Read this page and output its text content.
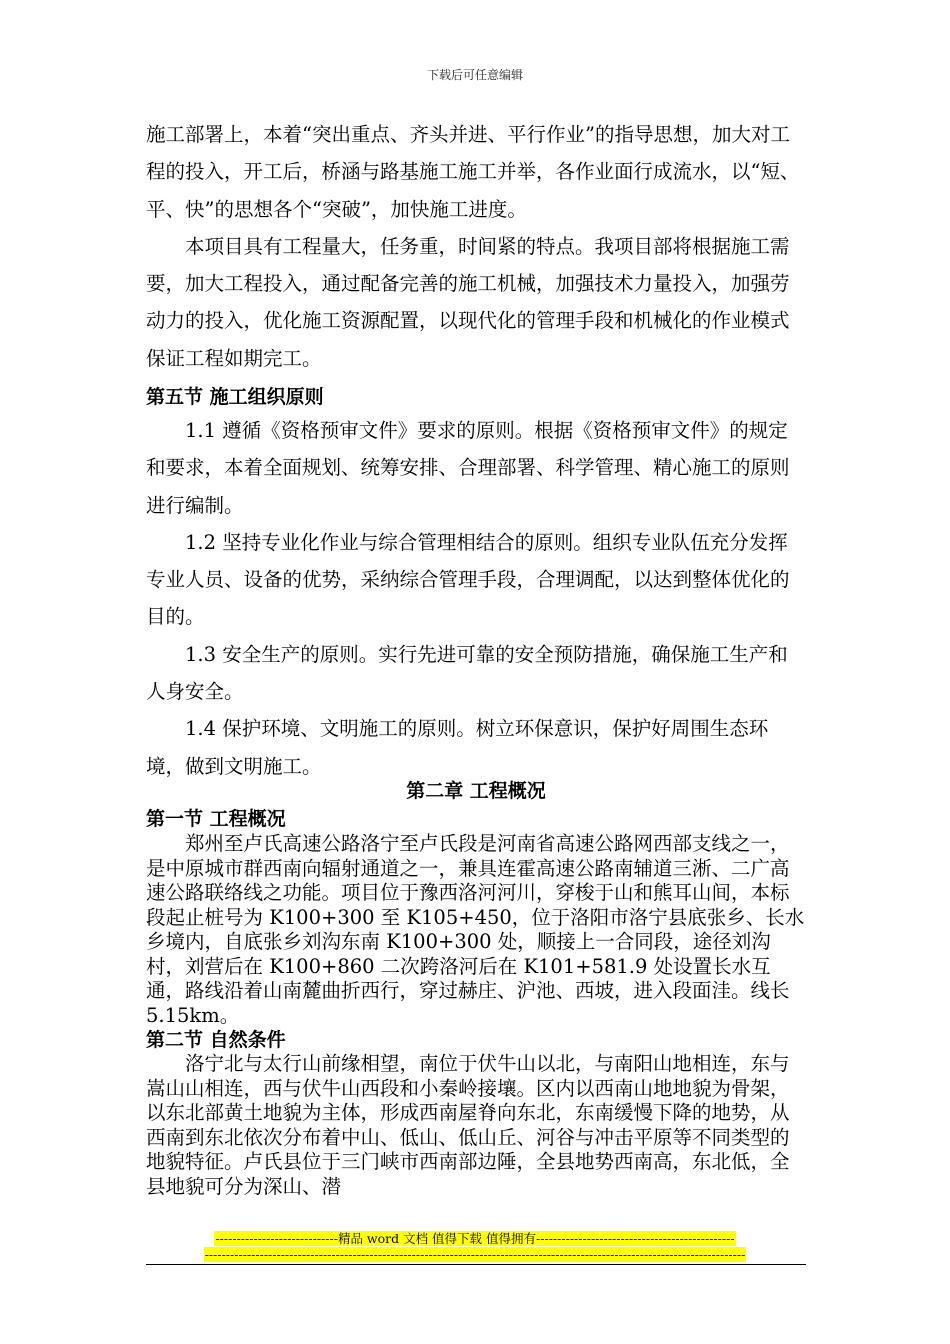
下载后可任意编辑

施工部署上，本着“突出重点、齐头并进、平行作业”的指导思想，加大对工程的投入，开工后，桥涵与路基施工施工并举，各作业面行成流水，以“短、平、快”的思想各个“突破”，加快施工进度。

本项目具有工程量大，任务重，时间紧的特点。我项目部将根据施工需要，加大工程投入，通过配备完善的施工机械，加强技术力量投入，加强劳动力的投入，优化施工资源配置，以现代化的管理手段和机械化的作业模式保证工程如期完工。

第五节 施工组织原则

1.1 遵循《资格预审文件》要求的原则。根据《资格预审文件》的规定和要求，本着全面规划、统筹安排、合理部署、科学管理、精心施工的原则进行编制。

1.2 坚持专业化作业与综合管理相结合的原则。组织专业队伍充分发挥专业人员、设备的优势，采纳综合管理手段，合理调配，以达到整体优化的目的。

1.3 安全生产的原则。实行先进可靠的安全预防措施，确保施工生产和人身安全。

1.4 保护环境、文明施工的原则。树立环保意识，保护好周围生态环境，做到文明施工。

第二章 工程概况

第一节 工程概况

郑州至卢氏高速公路洛宁至卢氏段是河南省高速公路网西部支线之一，是中原城市群西南向辐射通道之一，兼具连霍高速公路南辅道三淅、二广高速公路联络线之功能。项目位于豫西洛河河川，穿梭于山和熊耳山间，本标段起止桩号为 K100+300 至 K105+450，位于洛阳市洛宁县底张乡、长水乡境内，自底张乡刘沟东南 K100+300 处，顺接上一合同段，途径刘沟村，刘营后在 K100+860 二次跨洛河后在 K101+581.9 处设置长水互通，路线沿着山南麓曲折西行，穿过赫庄、沪池、西坡，进入段面洼。线长 5.15km。

第二节 自然条件

洛宁北与太行山前缘相望，南位于伏牛山以北，与南阳山地相连，东与嵩山山相连，西与伏牛山西段和小秦岭接壤。区内以西南山地地貌为骨架，以东北部黄土地貌为主体，形成西南屋脊向东北，东南缓慢下降的地势，从西南到东北依次分布着中山、低山、低山丘、河谷与冲击平原等不同类型的地貌特征。卢氏县位于三门峡市西南部边陲，全县地势西南高，东北低，全县地貌可分为深山、潜

-----------------------------精品 word 文档 值得下载 值得拥有-----------------------------------------------
--------------------------------------------------------------------------------------------------------------------------------
